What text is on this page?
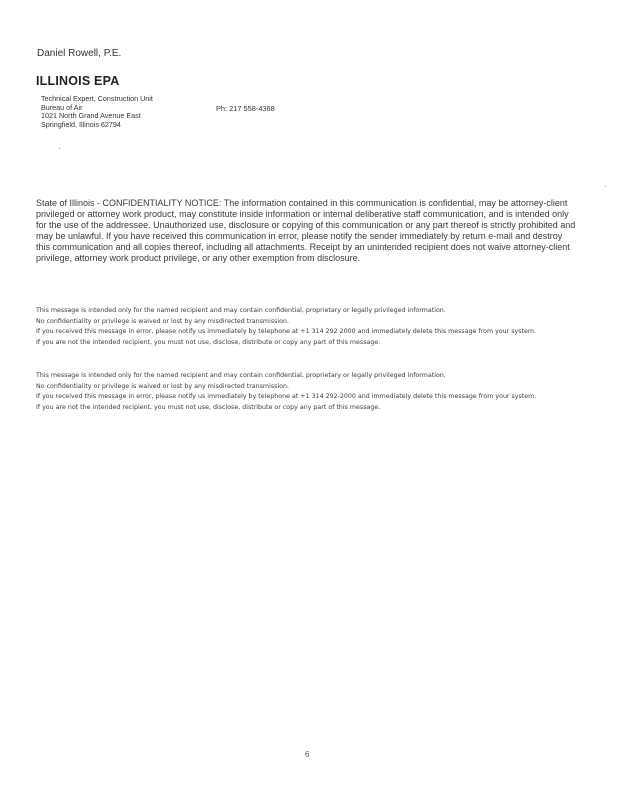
Daniel Rowell, P.E.
ILLINOIS EPA
Technical Expert, Construction Unit
Bureau of Air
1021 North Grand Avenue East
Springfield, Illinois 62794
Ph: 217 558-4368
State of Illinois - CONFIDENTIALITY NOTICE: The information contained in this communication is confidential, may be attorney-client privileged or attorney work product, may constitute inside information or internal deliberative staff communication, and is intended only for the use of the addressee. Unauthorized use, disclosure or copying of this communication or any part thereof is strictly prohibited and may be unlawful. If you have received this communication in error, please notify the sender immediately by return e-mail and destroy this communication and all copies thereof, including all attachments. Receipt by an unintended recipient does not waive attorney-client privilege, attorney work product privilege, or any other exemption from disclosure.

This message is intended only for the named recipient and may contain confidential, proprietary or legally privileged information.

No confidentiality or privilege is waived or lost by any misdirected transmission.

If you received this message in error, please notify us immediately by telephone at +1 314 292 2000 and immediately delete this message from your system.

If you are not the intended recipient, you must not use, disclose, distribute or copy any part of this message.

This message is intended only for the named recipient and may contain confidential, proprietary or legally privileged information.

No confidentiality or privilege is waived or lost by any misdirected transmission.

If you received this message in error, please notify us immediately by telephone at +1 314 292-2000 and immediately delete this message from your system.

If you are not the intended recipient, you must not use, disclose, distribute or copy any part of this message.

6
